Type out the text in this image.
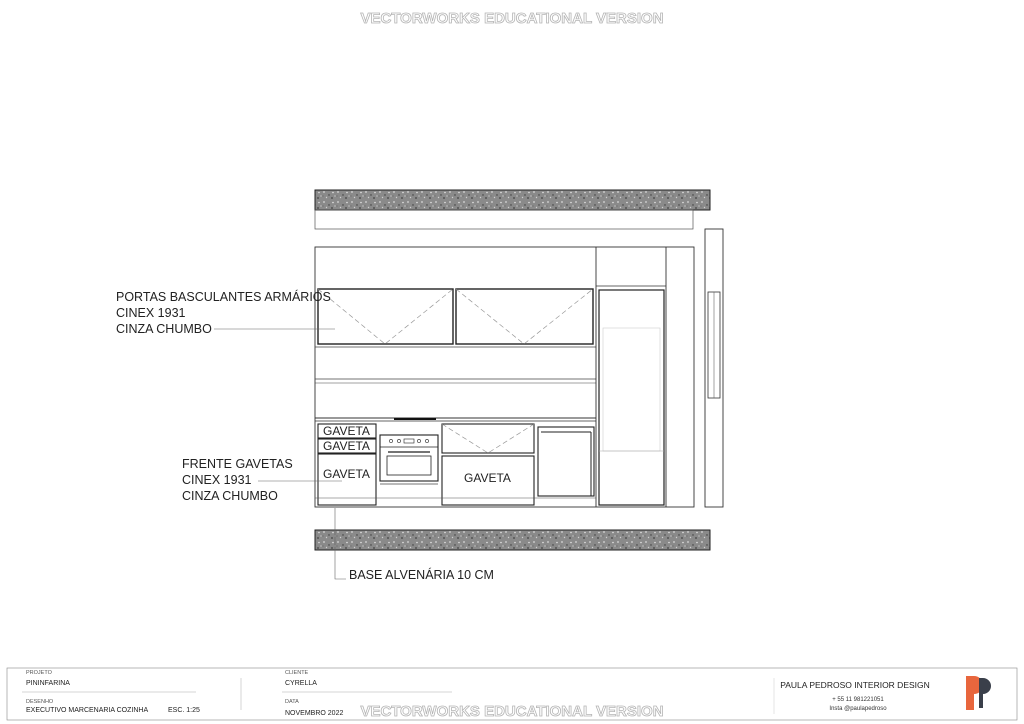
VECTORWORKS EDUCATIONAL VERSION
GAVETA
GAVETA
GAVETA	GAVETA
PORTAS BASCULANTES ARMÁRIOS
CINEX 1931
CINZA CHUMBO
FRENTE GAVETAS
CINEX 1931
CINZA CHUMBO
BASE ALVENÁRIA 10 CM
PROJETO
PININFARINA
DESENHO
EXECUTIVO MARCENARIA COZINHA	ESC. 1:25
CLIENTE
CYRELLA
DATA
NOVEMBRO 2022
PAULA PEDROSO INTERIOR DESIGN
+ 55 11 981221051
Insta @paulapedroso
VECTORWORKS EDUCATIONAL VERSION
